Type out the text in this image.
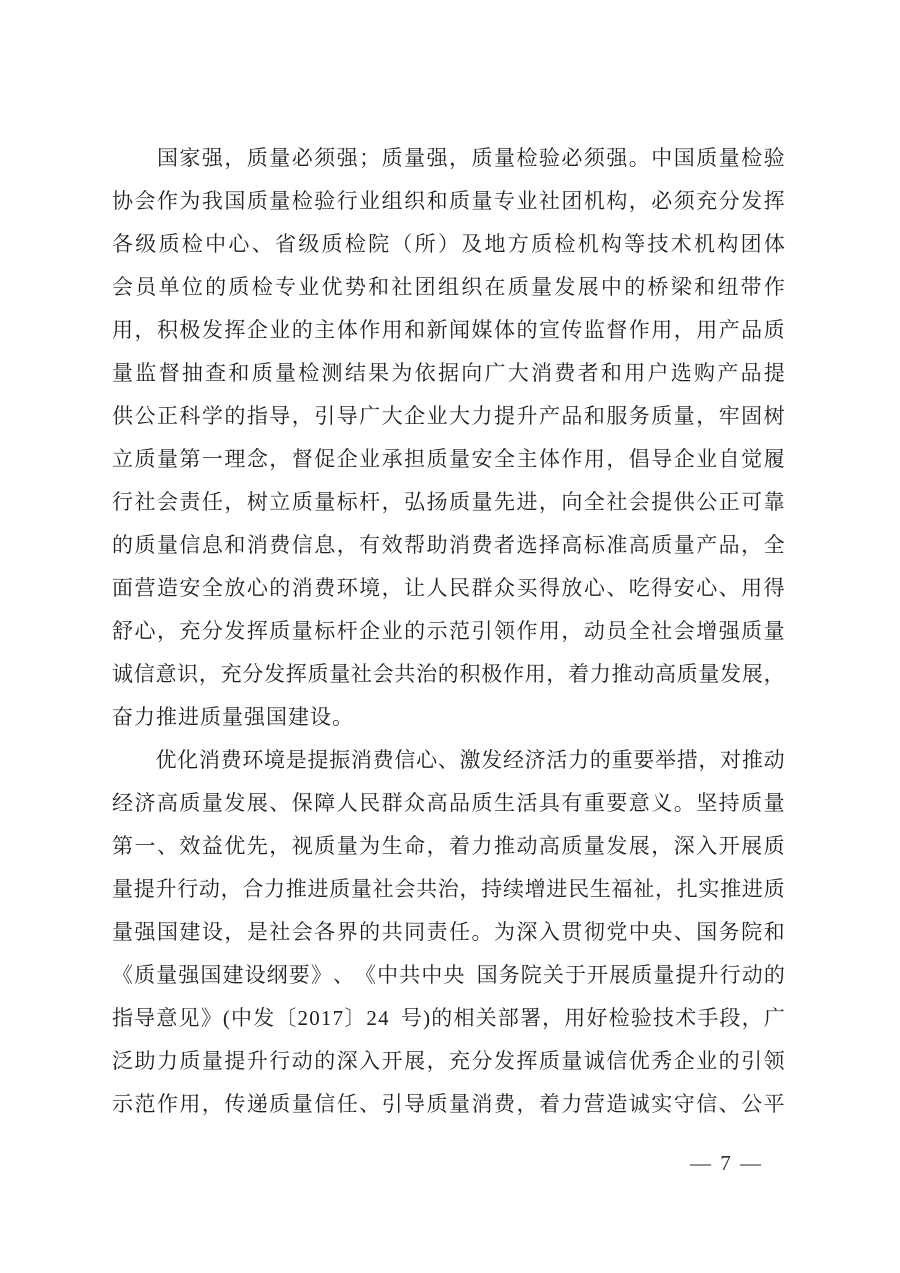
国 家 强 ， 质 量 必 须 强 ； 质 量 强 ， 质 量 检 验 必 须 强 。 中 国 质 量 检 验
协 会 作 为 我 国 质 量 检 验 行 业 组 织 和 质 量 专 业 社 团 机 构 ， 必 须 充 分 发 挥
各 级 质 检 中 心 、 省 级 质 检 院 （ 所 ） 及 地 方 质 检 机 构 等 技 术 机 构 团 体
会 员 单 位 的 质 检 专 业 优 势 和 社 团 组 织 在 质 量 发 展 中 的 桥 梁 和 纽 带 作
用 ， 积 极 发 挥 企 业 的 主 体 作 用 和 新 闻 媒 体 的 宣 传 监 督 作 用 ， 用 产 品 质
量 监 督 抽 查 和 质 量 检 测 结 果 为 依 据 向 广 大 消 费 者 和 用 户 选 购 产 品 提
供 公 正 科 学 的 指 导 ， 引 导 广 大 企 业 大 力 提 升 产 品 和 服 务 质 量 ， 牢 固 树
立 质 量 第 一 理 念 ， 督 促 企 业 承 担 质 量 安 全 主 体 作 用 ， 倡 导 企 业 自 觉 履
行 社 会 责 任 ， 树 立 质 量 标 杆 ， 弘 扬 质 量 先 进 ， 向 全 社 会 提 供 公 正 可 靠
的 质 量 信 息 和 消 费 信 息 ， 有 效 帮 助 消 费 者 选 择 高 标 准 高 质 量 产 品 ， 全
面 营 造 安 全 放 心 的 消 费 环 境 ， 让 人 民 群 众 买 得 放 心 、 吃 得 安 心 、 用 得
舒 心 ， 充 分 发 挥 质 量 标 杆 企 业 的 示 范 引 领 作 用 ， 动 员 全 社 会 增 强 质 量
诚 信 意 识 ， 充 分 发 挥 质 量 社 会 共 治 的 积 极 作 用 ， 着 力 推 动 高 质 量 发 展 ，
奋 力 推 进 质 量 强 国 建 设 。
优 化 消 费 环 境 是 提 振 消 费 信 心 、 激 发 经 济 活 力 的 重 要 举 措 ， 对 推 动
经 济 高 质 量 发 展 、 保 障 人 民 群 众 高 品 质 生 活 具 有 重 要 意 义 。 坚 持 质 量
第 一 、 效 益 优 先 ， 视 质 量 为 生 命 ， 着 力 推 动 高 质 量 发 展 ， 深 入 开 展 质
量 提 升 行 动 ， 合 力 推 进 质 量 社 会 共 治 ， 持 续 增 进 民 生 福 祉 ， 扎 实 推 进 质
量 强 国 建 设 ， 是 社 会 各 界 的 共 同 责 任 。 为 深 入 贯 彻 党 中 央 、 国 务 院 和
《 质 量 强 国 建 设 纲 要 》 、 《 中 共 中 央 国 务 院 关 于 开 展 质 量 提 升 行 动 的
指 导 意 见 》 ( 中 发 〔 2 0 1 7 〕 2 4 号 ) 的 相 关 部 署 ， 用 好 检 验 技 术 手 段 ， 广
泛 助 力 质 量 提 升 行 动 的 深 入 开 展 ， 充 分 发 挥 质 量 诚 信 优 秀 企 业 的 引 领
示 范 作 用 ， 传 递 质 量 信 任 、 引 导 质 量 消 费 ， 着 力 营 造 诚 实 守 信 、 公 平
— 7 —
